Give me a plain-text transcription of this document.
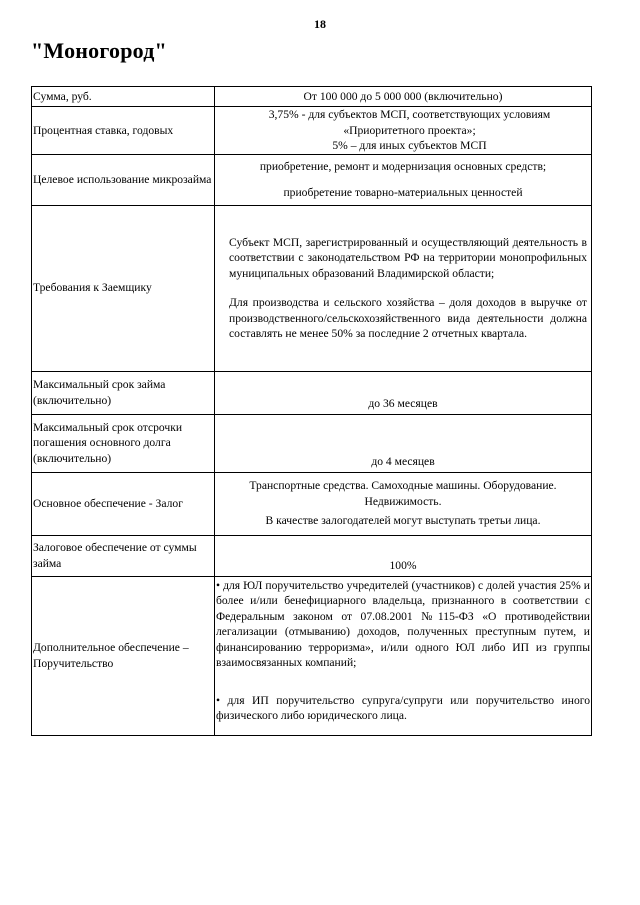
18
"Моногород"
Сумма, руб.	От 100 000 до 5 000 000 (включительно)
Процентная ставка, годовых	3,75% - для субъектов МСП, соответствующих условиям
«Приоритетного проекта»;
5% – для иных субъектов МСП
Целевое использование микрозайма	приобретение, ремонт и модернизация основных средств;
приобретение товарно-материальных ценностей

Требования к Заемщику	Субъект МСП, зарегистрированный и осуществляющий деятельность в соответствии с законодательством РФ на территории монопрофильных муниципальных образований Владимирской области;

Для производства и сельского хозяйства – доля доходов в выручке от производственного/сельскохозяйственного вида деятельности должна составлять не менее 50% за последние 2 отчетных квартала.

Максимальный срок займа (включительно)	до 36 месяцев
Максимальный срок отсрочки погашения основного долга (включительно)	до 4 месяцев
Основное обеспечение - Залог	Транспортные средства. Самоходные машины. Оборудование.
Недвижимость.
В качестве залогодателей могут выступать третьи лица.

Залоговое обеспечение от суммы займа	100%
Дополнительное обеспечение – Поручительство	• для ЮЛ поручительство учредителей (участников) с долей участия 25% и более и/или бенефициарного владельца, признанного в соответствии с Федеральным законом от 07.08.2001 №115-ФЗ «О противодействии легализации (отмыванию) доходов, полученных преступным путем, и финансированию терроризма», и/или одного ЮЛ либо ИП из группы взаимосвязанных компаний;

• для ИП поручительство супруга/супруги или поручительство иного физического либо юридического лица.
